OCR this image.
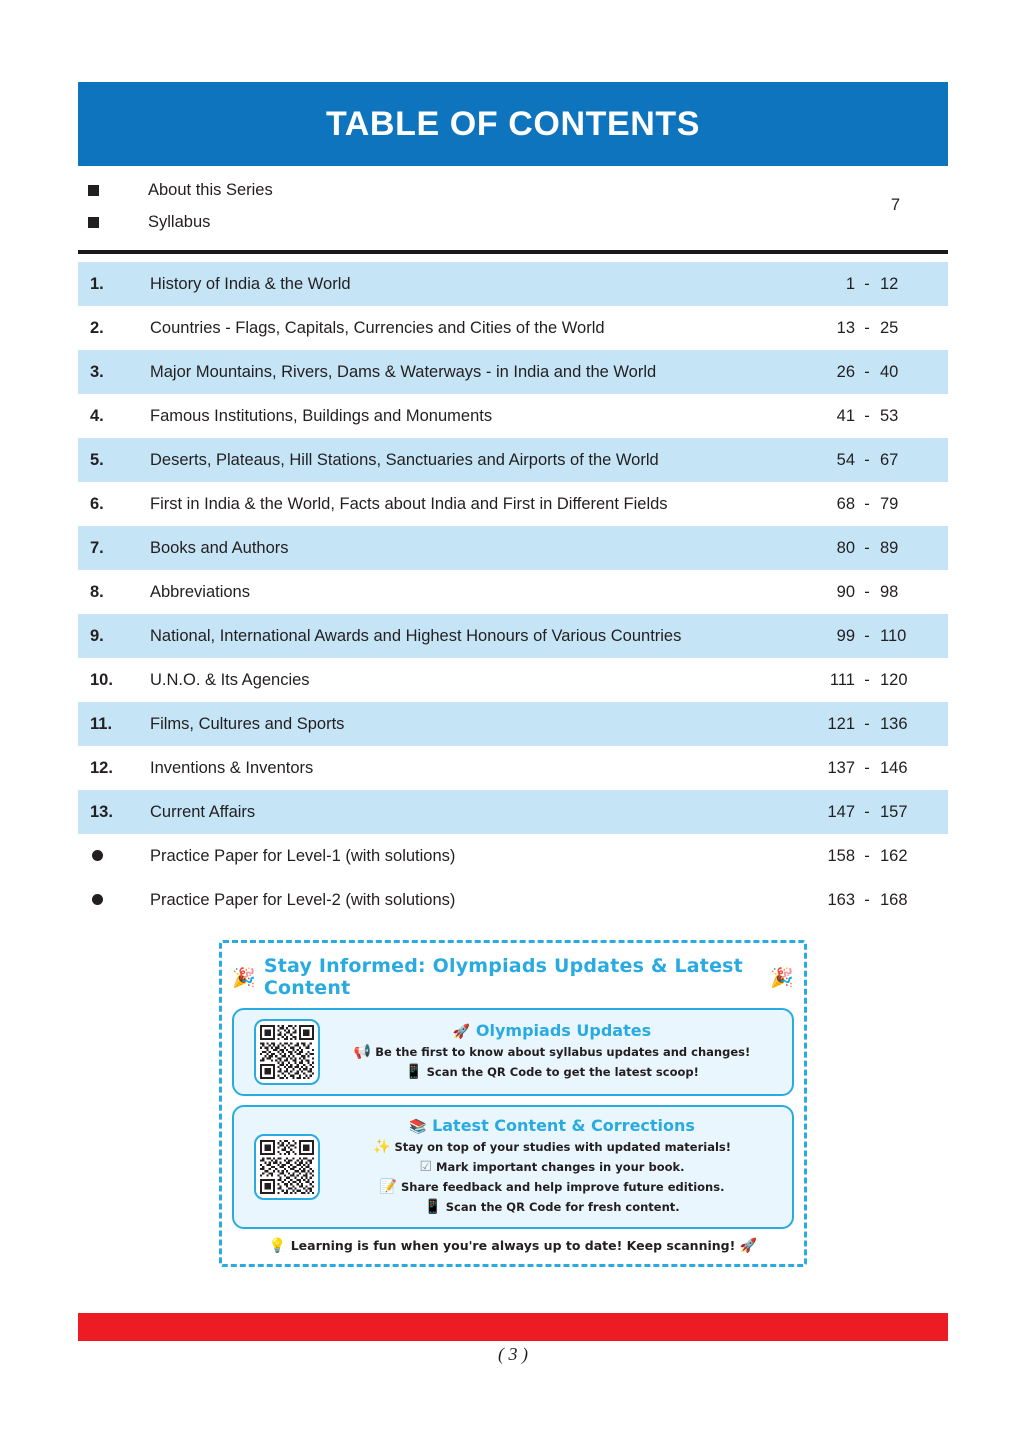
TABLE OF CONTENTS
About this Series
Syllabus
7
1.	History of India & the World	1	-	12
2.	Countries - Flags, Capitals, Currencies and Cities of the World	13	-	25
3.	Major Mountains, Rivers, Dams & Waterways - in India and the World	26	-	40
4.	Famous Institutions, Buildings and Monuments	41	-	53
5.	Deserts, Plateaus, Hill Stations, Sanctuaries and Airports of the World	54	-	67
6.	First in India & the World, Facts about India and First in Different Fields	68	-	79
7.	Books and Authors	80	-	89
8.	Abbreviations	90	-	98
9.	National, International Awards and Highest Honours of Various Countries	99	-	110
10.	U.N.O. & Its Agencies	111	-	120
11.	Films, Cultures and Sports	121	-	136
12.	Inventions & Inventors	137	-	146
13.	Current Affairs	147	-	157
	Practice Paper for Level-1 (with solutions)	158	-	162
	Practice Paper for Level-2 (with solutions)	163	-	168
🎉
Stay Informed: Olympiads Updates & Latest Content	🎉
🚀 Olympiads Updates
📢 Be the first to know about syllabus updates and changes!
📱 Scan the QR Code to get the latest scoop!
📚 Latest Content & Corrections
✨ Stay on top of your studies with updated materials!
☑ Mark important changes in your book.
📝 Share feedback and help improve future editions.
📱 Scan the QR Code for fresh content.
💡 Learning is fun when you're always up to date! Keep scanning! 🚀
( 3 )
